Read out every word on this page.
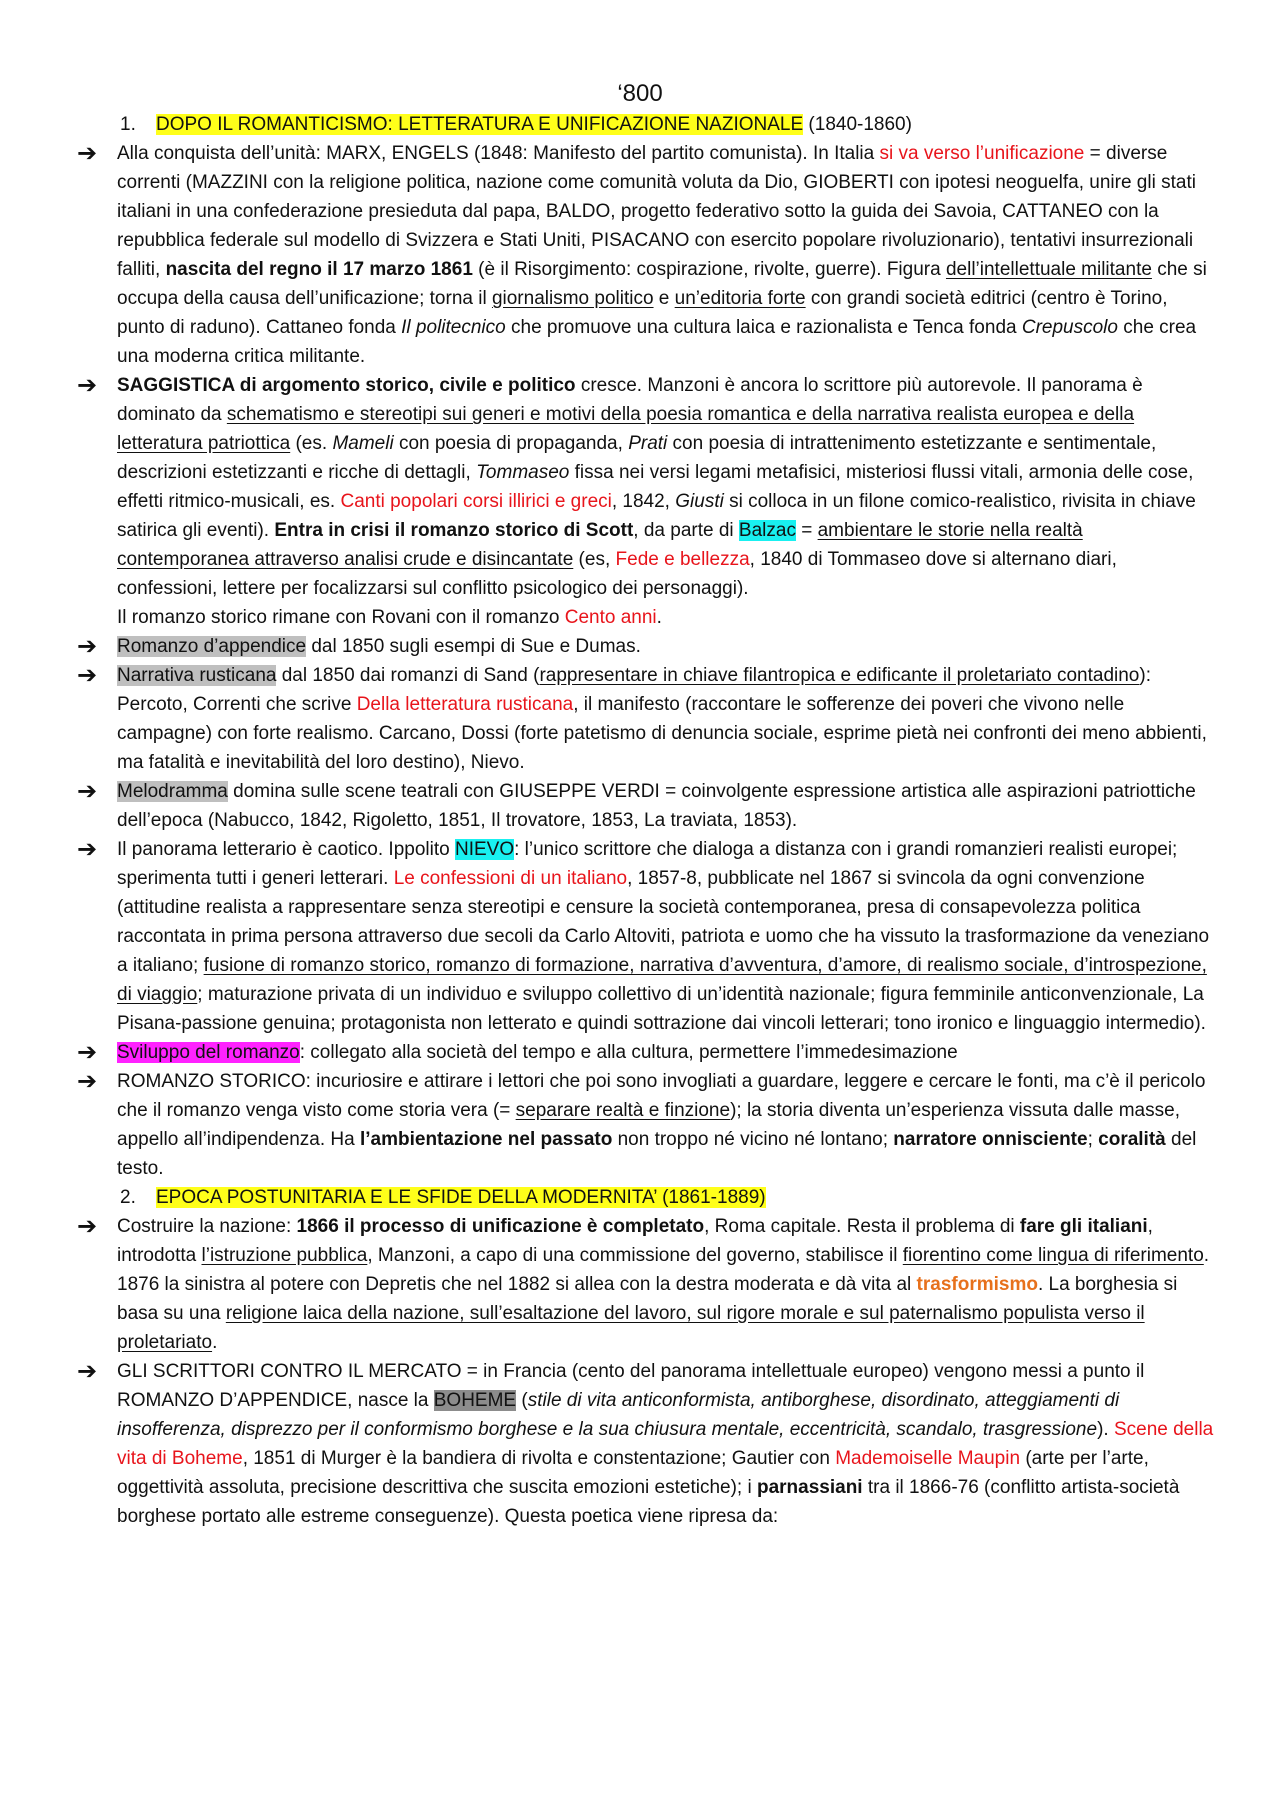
‘800
1. DOPO IL ROMANTICISMO: LETTERATURA E UNIFICAZIONE NAZIONALE (1840-1860)
➔ Alla conquista dell’unità: MARX, ENGELS (1848: Manifesto del partito comunista). In Italia si va verso l’unificazione = diverse correnti (MAZZINI con la religione politica, nazione come comunità voluta da Dio, GIOBERTI con ipotesi neoguelfa, unire gli stati italiani in una confederazione presieduta dal papa, BALDO, progetto federativo sotto la guida dei Savoia, CATTANEO con la repubblica federale sul modello di Svizzera e Stati Uniti, PISACANO con esercito popolare rivoluzionario), tentativi insurrezionali falliti, nascita del regno il 17 marzo 1861 (è il Risorgimento: cospirazione, rivolte, guerre). Figura dell’intellettuale militante che si occupa della causa dell’unificazione; torna il giornalismo politico e un’editoria forte con grandi società editrici (centro è Torino, punto di raduno). Cattaneo fonda Il politecnico che promuove una cultura laica e razionalista e Tenca fonda Crepuscolo che crea una moderna critica militante.

➔ SAGGISTICA di argomento storico, civile e politico cresce. Manzoni è ancora lo scrittore più autorevole. Il panorama è dominato da schematismo e stereotipi sui generi e motivi della poesia romantica e della narrativa realista europea e della letteratura patriottica (es. Mameli con poesia di propaganda, Prati con poesia di intrattenimento estetizzante e sentimentale, descrizioni estetizzanti e ricche di dettagli, Tommaseo fissa nei versi legami metafisici, misteriosi flussi vitali, armonia delle cose, effetti ritmico-musicali, es. Canti popolari corsi illirici e greci, 1842, Giusti si colloca in un filone comico-realistico, rivisita in chiave satirica gli eventi). Entra in crisi il romanzo storico di Scott, da parte di Balzac = ambientare le storie nella realtà contemporanea attraverso analisi crude e disincantate (es, Fede e bellezza, 1840 di Tommaseo dove si alternano diari, confessioni, lettere per focalizzarsi sul conflitto psicologico dei personaggi).

Il romanzo storico rimane con Rovani con il romanzo Cento anni.

➔ Romanzo d’appendice dal 1850 sugli esempi di Sue e Dumas.

➔ Narrativa rusticana dal 1850 dai romanzi di Sand (rappresentare in chiave filantropica e edificante il proletariato contadino): Percoto, Correnti che scrive Della letteratura rusticana, il manifesto (raccontare le sofferenze dei poveri che vivono nelle campagne) con forte realismo. Carcano, Dossi (forte patetismo di denuncia sociale, esprime pietà nei confronti dei meno abbienti, ma fatalità e inevitabilità del loro destino), Nievo.

➔ Melodramma domina sulle scene teatrali con GIUSEPPE VERDI = coinvolgente espressione artistica alle aspirazioni patriottiche dell’epoca (Nabucco, 1842, Rigoletto, 1851, Il trovatore, 1853, La traviata, 1853).

➔ Il panorama letterario è caotico. Ippolito NIEVO: l’unico scrittore che dialoga a distanza con i grandi romanzieri realisti europei; sperimenta tutti i generi letterari. Le confessioni di un italiano, 1857-8, pubblicate nel 1867 si svincola da ogni convenzione (attitudine realista a rappresentare senza stereotipi e censure la società contemporanea, presa di consapevolezza politica raccontata in prima persona attraverso due secoli da Carlo Altoviti, patriota e uomo che ha vissuto la trasformazione da veneziano a italiano; fusione di romanzo storico, romanzo di formazione, narrativa d’avventura, d’amore, di realismo sociale, d’introspezione, di viaggio; maturazione privata di un individuo e sviluppo collettivo di un’identità nazionale; figura femminile anticonvenzionale, La Pisana-passione genuina; protagonista non letterato e quindi sottrazione dai vincoli letterari; tono ironico e linguaggio intermedio).

➔ Sviluppo del romanzo: collegato alla società del tempo e alla cultura, permettere l’immedesimazione

➔ ROMANZO STORICO: incuriosire e attirare i lettori che poi sono invogliati a guardare, leggere e cercare le fonti, ma c’è il pericolo che il romanzo venga visto come storia vera (= separare realtà e finzione); la storia diventa un’esperienza vissuta dalle masse, appello all’indipendenza. Ha l’ambientazione nel passato non troppo né vicino né lontano; narratore onnisciente; coralità del testo.

2. EPOCA POSTUNITARIA E LE SFIDE DELLA MODERNITA’ (1861-1889)
➔ Costruire la nazione: 1866 il processo di unificazione è completato, Roma capitale. Resta il problema di fare gli italiani, introdotta l’istruzione pubblica, Manzoni, a capo di una commissione del governo, stabilisce il fiorentino come lingua di riferimento. 1876 la sinistra al potere con Depretis che nel 1882 si allea con la destra moderata e dà vita al trasformismo. La borghesia si basa su una religione laica della nazione, sull’esaltazione del lavoro, sul rigore morale e sul paternalismo populista verso il proletariato.

➔ GLI SCRITTORI CONTRO IL MERCATO = in Francia (cento del panorama intellettuale europeo) vengono messi a punto il ROMANZO D’APPENDICE, nasce la BOHEME (stile di vita anticonformista, antiborghese, disordinato, atteggiamenti di insofferenza, disprezzo per il conformismo borghese e la sua chiusura mentale, eccentricità, scandalo, trasgressione). Scene della vita di Boheme, 1851 di Murger è la bandiera di rivolta e constentazione; Gautier con Mademoiselle Maupin (arte per l’arte, oggettività assoluta, precisione descrittiva che suscita emozioni estetiche); i parnassiani tra il 1866-76 (conflitto artista-società borghese portato alle estreme conseguenze). Questa poetica viene ripresa da:
